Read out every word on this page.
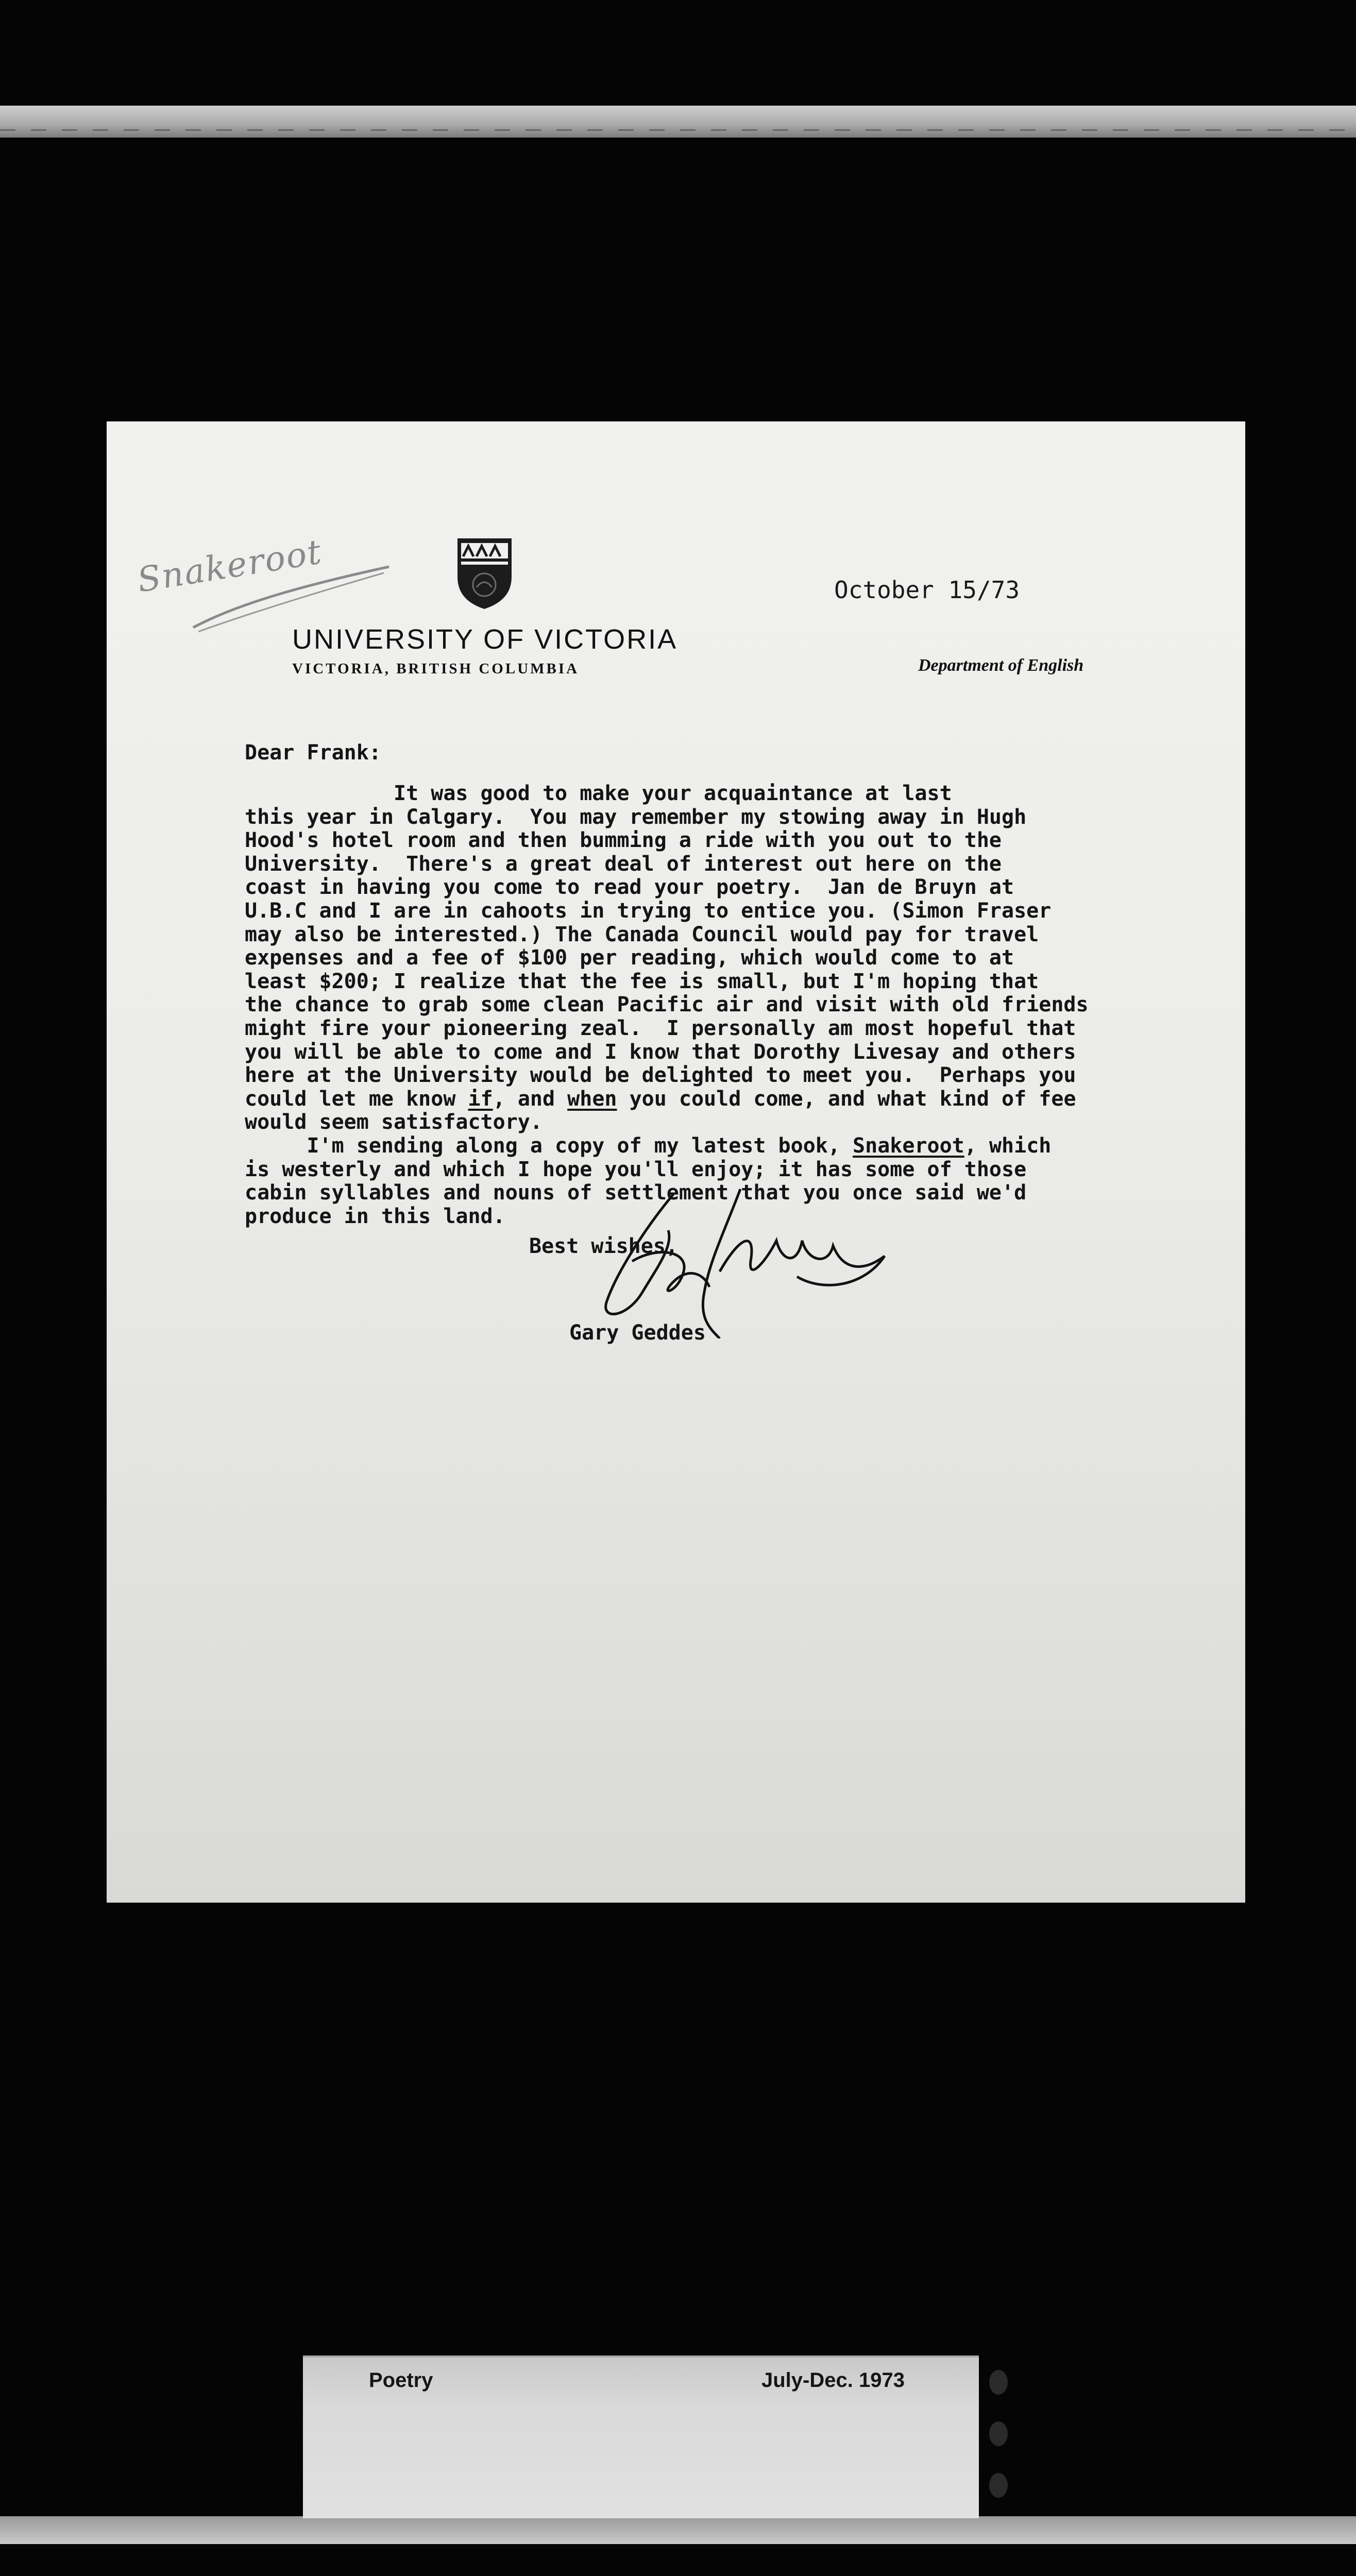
Snakeroot	October 15/73
UNIVERSITY OF VICTORIA
VICTORIA, BRITISH COLUMBIA	Department of English
Dear Frank:

It was good to make your acquaintance at last
this year in Calgary.  You may remember my stowing away in Hugh
Hood's hotel room and then bumming a ride with you out to the
University.  There's a great deal of interest out here on the
coast in having you come to read your poetry.  Jan de Bruyn at
U.B.C and I are in cahoots in trying to entice you. (Simon Fraser
may also be interested.) The Canada Council would pay for travel
expenses and a fee of $100 per reading, which would come to at
least $200; I realize that the fee is small, but I'm hoping that
the chance to grab some clean Pacific air and visit with old friends
might fire your pioneering zeal.  I personally am most hopeful that
you will be able to come and I know that Dorothy Livesay and others
here at the University would be delighted to meet you.  Perhaps you
could let me know if, and when you could come, and what kind of fee
would seem satisfactory.

I'm sending along a copy of my latest book, Snakeroot, which
is westerly and which I hope you'll enjoy; it has some of those
cabin syllables and nouns of settlement that you once said we'd
produce in this land.

Best wishes,
Gary Geddes
Poetry	July-Dec. 1973
